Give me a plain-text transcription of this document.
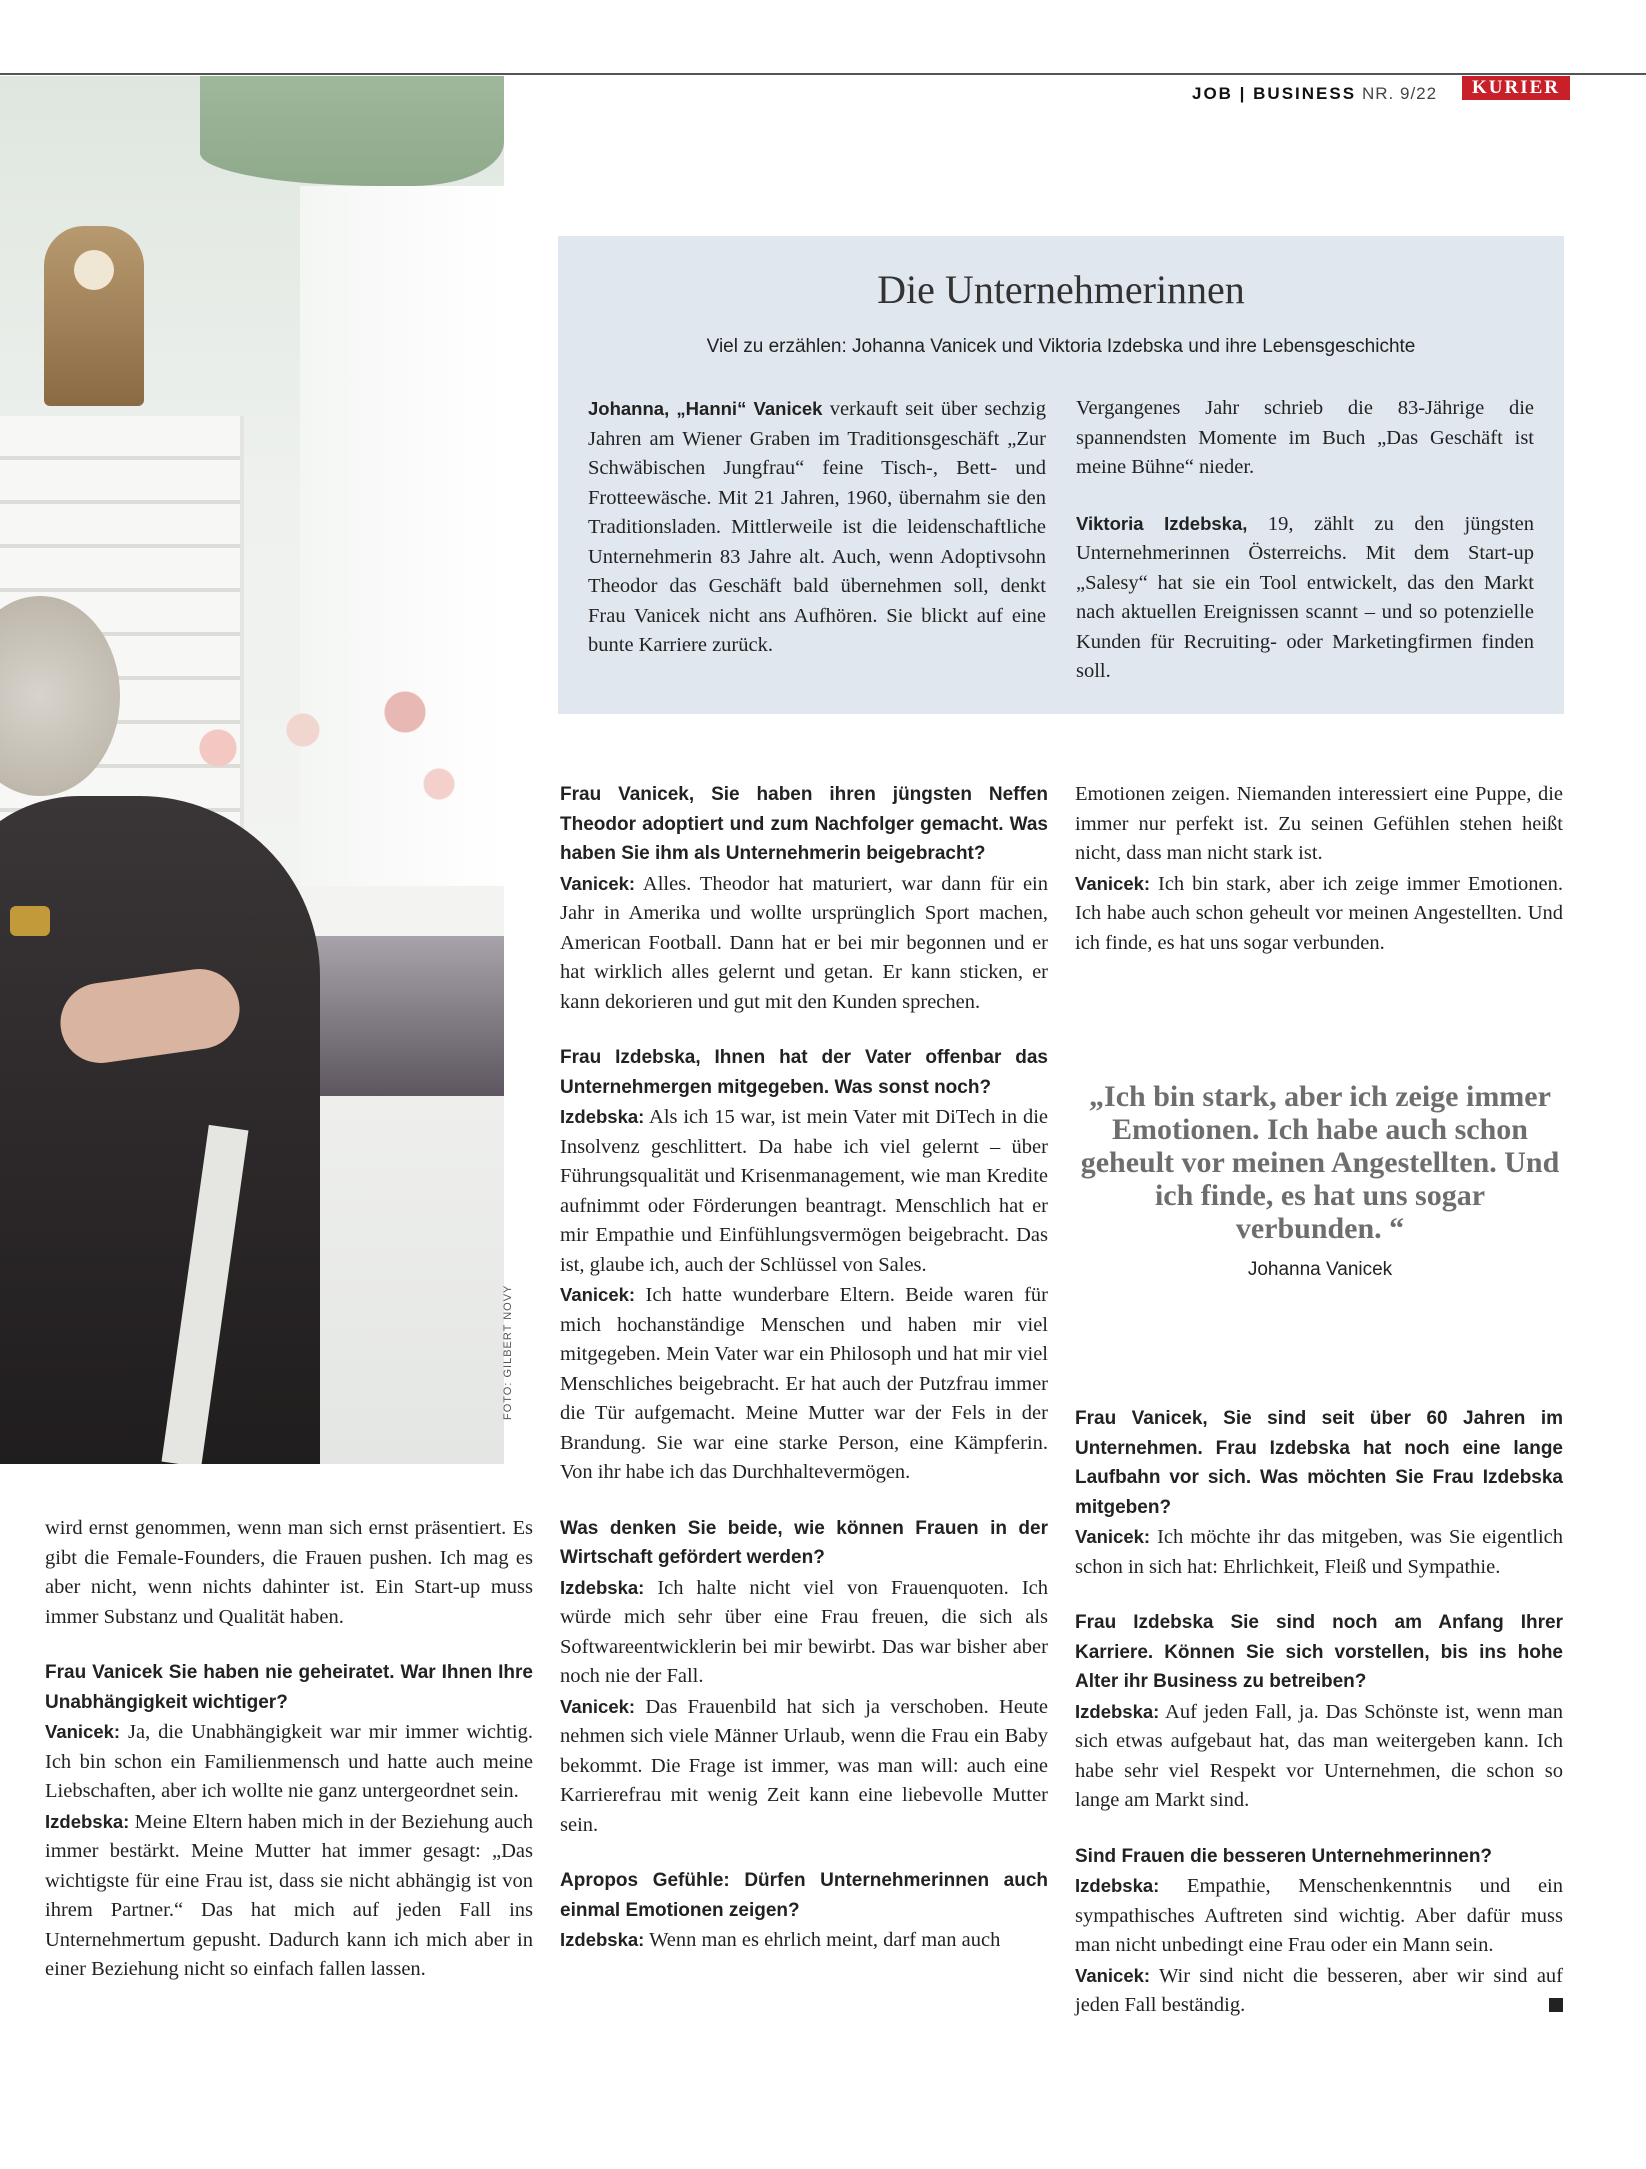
JOB | BUSINESS NR. 9/22	KURIER
FOTO: GILBERT NOVY
Die Unternehmerinnen
Viel zu erzählen: Johanna Vanicek und Viktoria Izdebska und ihre Lebensgeschichte

Johanna, „Hanni“ Vanicek verkauft seit über sechzig Jahren am Wiener Graben im Traditionsgeschäft „Zur Schwäbischen Jungfrau“ feine Tisch-, Bett- und Frotteewäsche. Mit 21 Jahren, 1960, übernahm sie den Traditionsladen. Mittlerweile ist die leidenschaftliche Unternehmerin 83 Jahre alt. Auch, wenn Adoptivsohn Theodor das Geschäft bald übernehmen soll, denkt Frau Vanicek nicht ans Aufhören. Sie blickt auf eine bunte Karriere zurück.

Vergangenes Jahr schrieb die 83-Jährige die spannendsten Momente im Buch „Das Geschäft ist meine Bühne“ nieder.

Viktoria Izdebska, 19, zählt zu den jüngsten Unternehmerinnen Österreichs. Mit dem Start-up „Salesy“ hat sie ein Tool entwickelt, das den Markt nach aktuellen Ereignissen scannt – und so potenzielle Kunden für Recruiting- oder Marketingfirmen finden soll.

wird ernst genommen, wenn man sich ernst präsentiert. Es gibt die Female-Founders, die Frauen pushen. Ich mag es aber nicht, wenn nichts dahinter ist. Ein Start-up muss immer Substanz und Qualität haben.

Frau Vanicek Sie haben nie geheiratet. War Ihnen Ihre Unabhängigkeit wichtiger?

Vanicek: Ja, die Unabhängigkeit war mir immer wichtig. Ich bin schon ein Familienmensch und hatte auch meine Liebschaften, aber ich wollte nie ganz untergeordnet sein.

Izdebska: Meine Eltern haben mich in der Beziehung auch immer bestärkt. Meine Mutter hat immer gesagt: „Das wichtigste für eine Frau ist, dass sie nicht abhängig ist von ihrem Partner.“ Das hat mich auf jeden Fall ins Unternehmertum gepusht. Dadurch kann ich mich aber in einer Beziehung nicht so einfach fallen lassen.

Frau Vanicek, Sie haben ihren jüngsten Neffen Theodor adoptiert und zum Nachfolger gemacht. Was haben Sie ihm als Unternehmerin beigebracht?

Vanicek: Alles. Theodor hat maturiert, war dann für ein Jahr in Amerika und wollte ursprünglich Sport machen, American Football. Dann hat er bei mir begonnen und er hat wirklich alles gelernt und getan. Er kann sticken, er kann dekorieren und gut mit den Kunden sprechen.

Frau Izdebska, Ihnen hat der Vater offenbar das Unternehmergen mitgegeben. Was sonst noch?

Izdebska: Als ich 15 war, ist mein Vater mit DiTech in die Insolvenz geschlittert. Da habe ich viel gelernt – über Führungsqualität und Krisenmanagement, wie man Kredite aufnimmt oder Förderungen beantragt. Menschlich hat er mir Empathie und Einfühlungsvermögen beigebracht. Das ist, glaube ich, auch der Schlüssel von Sales.

Vanicek: Ich hatte wunderbare Eltern. Beide waren für mich hochanständige Menschen und haben mir viel mitgegeben. Mein Vater war ein Philosoph und hat mir viel Menschliches beigebracht. Er hat auch der Putzfrau immer die Tür aufgemacht. Meine Mutter war der Fels in der Brandung. Sie war eine starke Person, eine Kämpferin. Von ihr habe ich das Durchhaltevermögen.

Was denken Sie beide, wie können Frauen in der Wirtschaft gefördert werden?

Izdebska: Ich halte nicht viel von Frauenquoten. Ich würde mich sehr über eine Frau freuen, die sich als Softwareentwicklerin bei mir bewirbt. Das war bisher aber noch nie der Fall.

Vanicek: Das Frauenbild hat sich ja verschoben. Heute nehmen sich viele Männer Urlaub, wenn die Frau ein Baby bekommt. Die Frage ist immer, was man will: auch eine Karrierefrau mit wenig Zeit kann eine liebevolle Mutter sein.

Apropos Gefühle: Dürfen Unternehmerinnen auch einmal Emotionen zeigen?

Izdebska: Wenn man es ehrlich meint, darf man auch

Emotionen zeigen. Niemanden interessiert eine Puppe, die immer nur perfekt ist. Zu seinen Gefühlen stehen heißt nicht, dass man nicht stark ist.

Vanicek: Ich bin stark, aber ich zeige immer Emotionen. Ich habe auch schon geheult vor meinen Angestellten. Und ich finde, es hat uns sogar verbunden.

„Ich bin stark, aber ich zeige immer Emotionen. Ich habe auch schon geheult vor meinen Angestellten. Und ich finde, es hat uns sogar verbunden. “
Johanna Vanicek

Frau Vanicek, Sie sind seit über 60 Jahren im Unternehmen. Frau Izdebska hat noch eine lange Laufbahn vor sich. Was möchten Sie Frau Izdebska mitgeben?

Vanicek: Ich möchte ihr das mitgeben, was Sie eigentlich schon in sich hat: Ehrlichkeit, Fleiß und Sympathie.

Frau Izdebska Sie sind noch am Anfang Ihrer Karriere. Können Sie sich vorstellen, bis ins hohe Alter ihr Business zu betreiben?

Izdebska: Auf jeden Fall, ja. Das Schönste ist, wenn man sich etwas aufgebaut hat, das man weitergeben kann. Ich habe sehr viel Respekt vor Unternehmen, die schon so lange am Markt sind.

Sind Frauen die besseren Unternehmerinnen?

Izdebska: Empathie, Menschenkenntnis und ein sympathisches Auftreten sind wichtig. Aber dafür muss man nicht unbedingt eine Frau oder ein Mann sein.

Vanicek: Wir sind nicht die besseren, aber wir sind auf jeden Fall beständig.
